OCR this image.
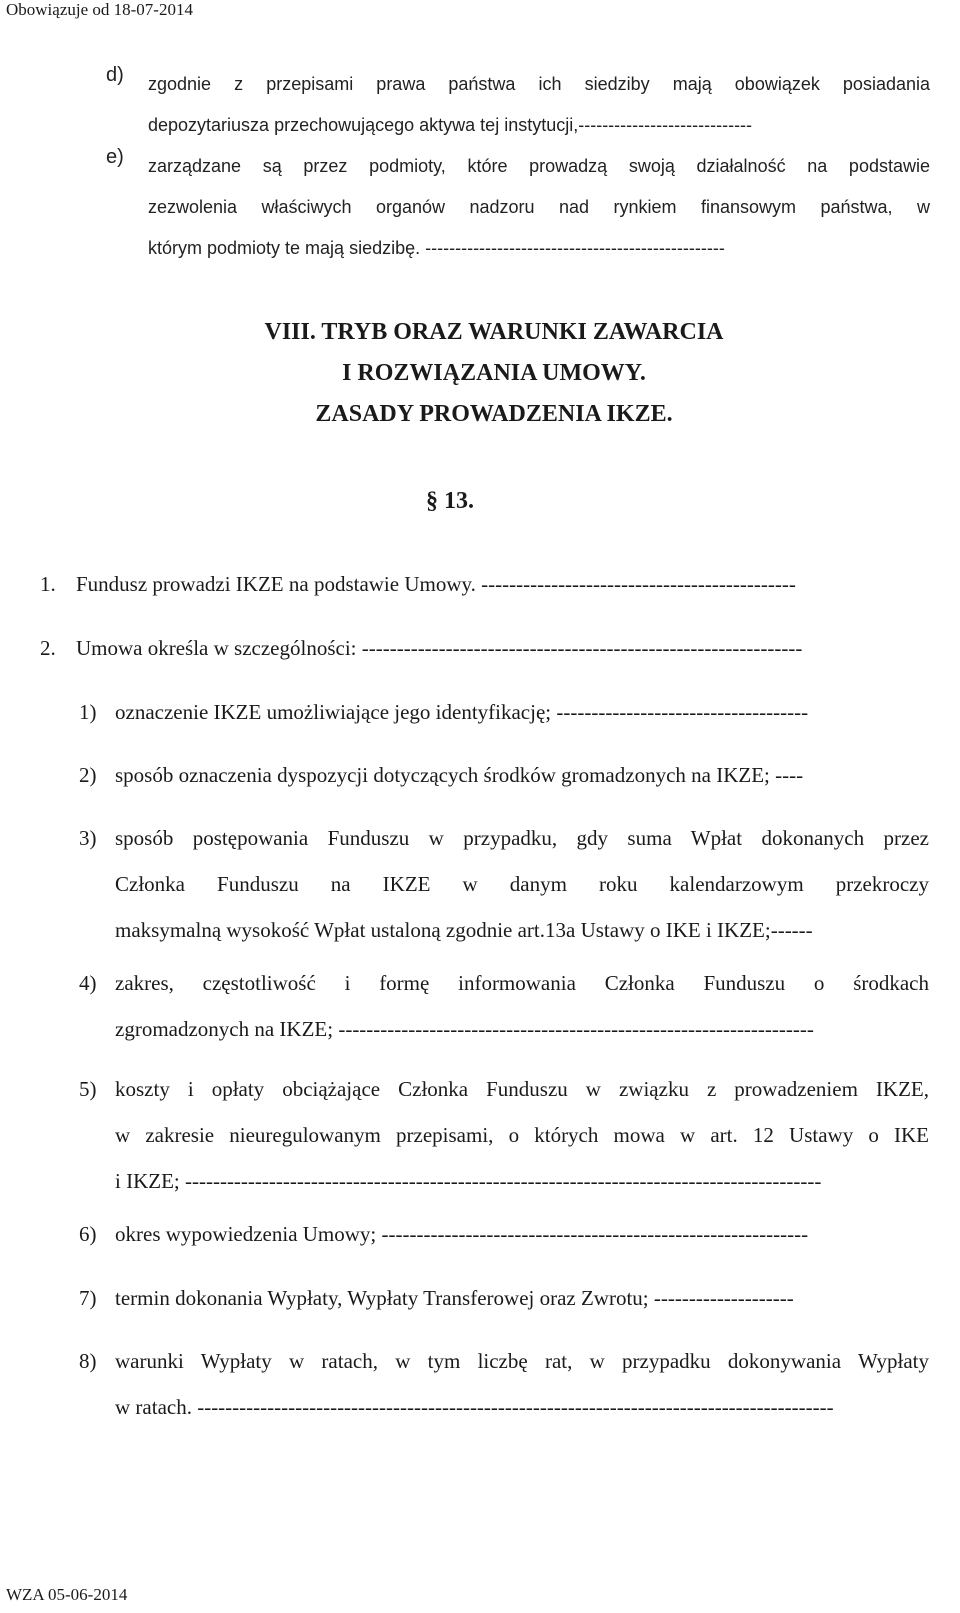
Obowiązuje od 18-07-2014
d) zgodnie z przepisami prawa państwa ich siedziby mają obowiązek posiadania
depozytariusza przechowującego aktywa tej instytucji,-----------------------------
e) zarządzane są przez podmioty, które prowadzą swoją działalność na podstawie
zezwolenia właściwych organów nadzoru nad rynkiem finansowym państwa, w
którym podmioty te mają siedzibę. --------------------------------------------------
VIII. TRYB ORAZ WARUNKI ZAWARCIA
I ROZWIĄZANIA UMOWY.
ZASADY PROWADZENIA IKZE.
§ 13.
1. Fundusz prowadzi IKZE na podstawie Umowy. ---------------------------------------------
2. Umowa określa w szczególności: ---------------------------------------------------------------
1) oznaczenie IKZE umożliwiające jego identyfikację; ------------------------------------
2) sposób oznaczenia dyspozycji dotyczących środków gromadzonych na IKZE; ----
3) sposób postępowania Funduszu w przypadku, gdy suma Wpłat dokonanych przez
Członka Funduszu na IKZE w danym roku kalendarzowym przekroczy
maksymalną wysokość Wpłat ustaloną zgodnie art.13a Ustawy o IKE i IKZE;------
4) zakres, częstotliwość i formę informowania Członka Funduszu o środkach
zgromadzonych na IKZE; --------------------------------------------------------------------
5) koszty i opłaty obciążające Członka Funduszu w związku z prowadzeniem IKZE,
w zakresie nieuregulowanym przepisami, o których mowa w art. 12 Ustawy o IKE
i IKZE; -------------------------------------------------------------------------------------------
6) okres wypowiedzenia Umowy; -------------------------------------------------------------
7) termin dokonania Wypłaty, Wypłaty Transferowej oraz Zwrotu; --------------------
8) warunki Wypłaty w ratach, w tym liczbę rat, w przypadku dokonywania Wypłaty
w ratach. -------------------------------------------------------------------------------------------
WZA 05-06-2014
